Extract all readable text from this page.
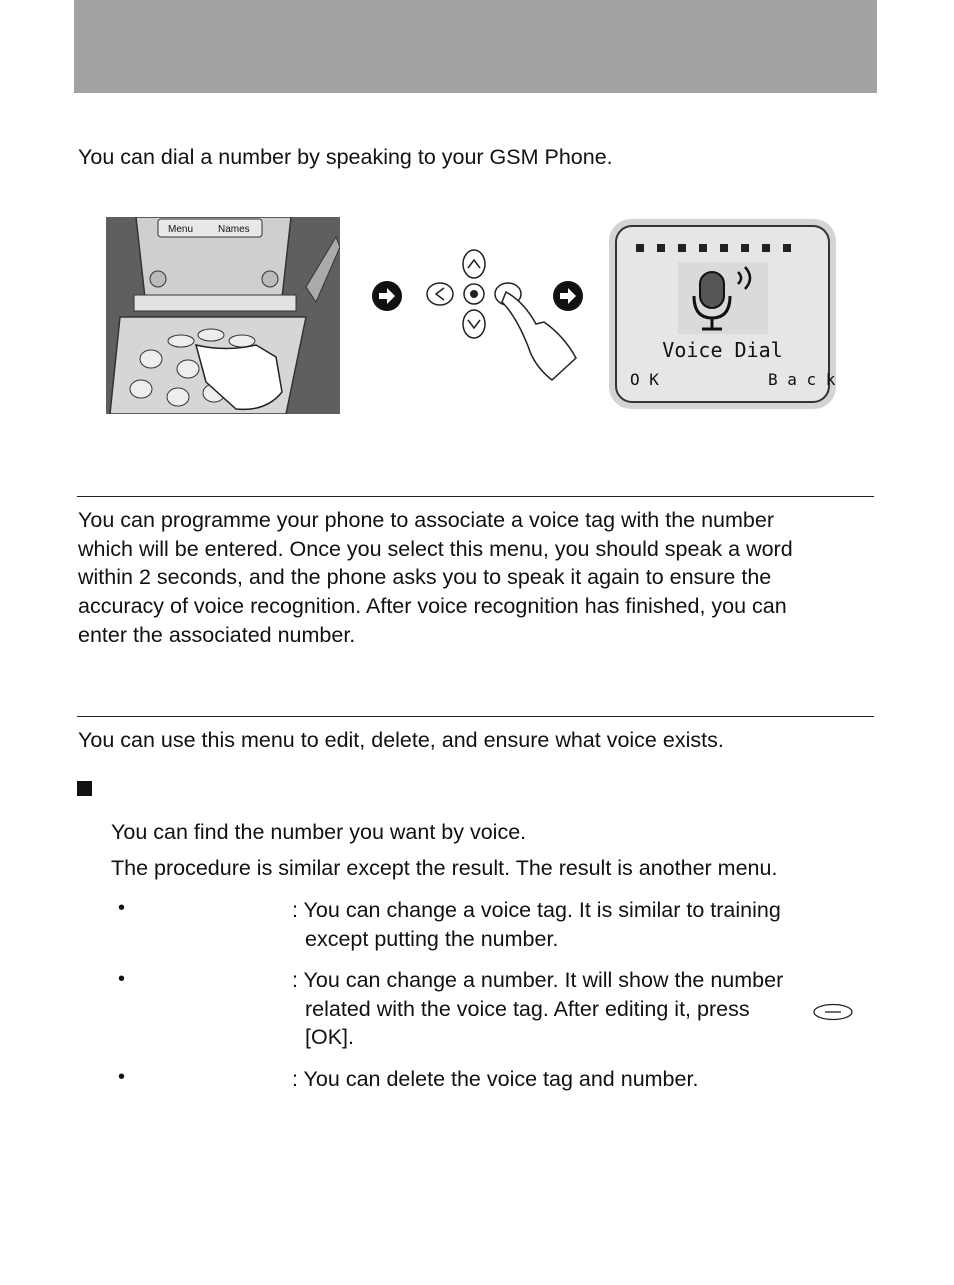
You can dial a number by speaking to your GSM Phone.
Menu Names
Voice Dial
O K	B a c k
You can programme your phone to associate a voice tag with the number
which will be entered. Once you select this menu, you should speak a word
within 2 seconds, and the phone asks you to speak it again to ensure the
accuracy of voice recognition. After voice recognition has finished, you can
enter the associated number.
You can use this menu to edit, delete, and ensure what voice exists.
You can find the number you want by voice.
The procedure is similar except the result. The result is another menu.
•	: You can change a voice tag. It is similar to training
except putting the number.
•	: You can change a number. It will show the number
related with the voice tag. After editing it, press
[OK].
•	: You can delete the voice tag and number.
